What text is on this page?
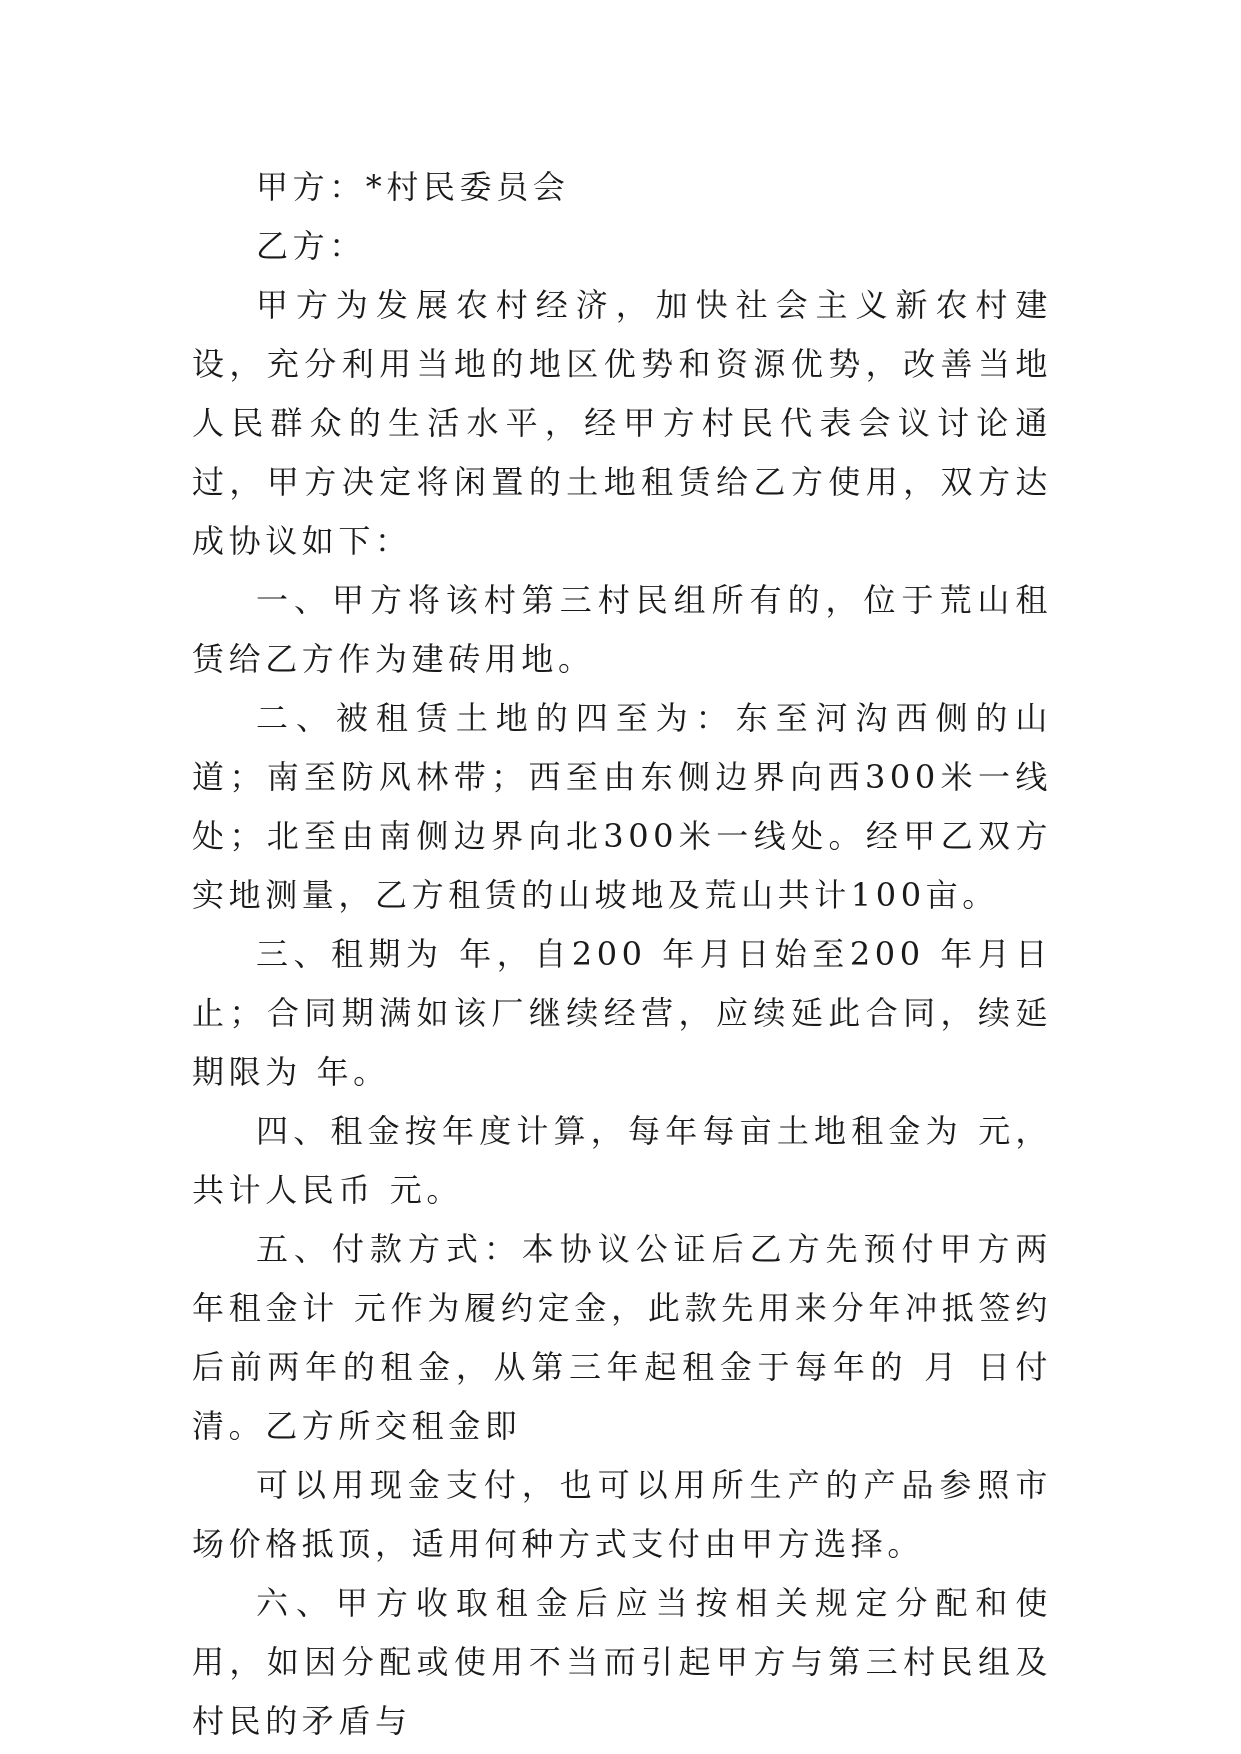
甲方：*村民委员会

乙方：

甲方为发展农村经济，加快社会主义新农村建设，充分利用当地的地区优势和资源优势，改善当地人民群众的生活水平，经甲方村民代表会议讨论通过，甲方决定将闲置的土地租赁给乙方使用，双方达成协议如下：

一、甲方将该村第三村民组所有的，位于荒山租赁给乙方作为建砖用地。

二、被租赁土地的四至为：东至河沟西侧的山道；南至防风林带；西至由东侧边界向西300米一线处；北至由南侧边界向北300米一线处。经甲乙双方实地测量，乙方租赁的山坡地及荒山共计100亩。

三、租期为 年，自200 年月日始至200 年月日止；合同期满如该厂继续经营，应续延此合同，续延期限为 年。

四、租金按年度计算，每年每亩土地租金为 元，共计人民币 元。

五、付款方式：本协议公证后乙方先预付甲方两年租金计 元作为履约定金，此款先用来分年冲抵签约后前两年的租金，从第三年起租金于每年的 月 日付清。乙方所交租金即

可以用现金支付，也可以用所生产的产品参照市场价格抵顶，适用何种方式支付由甲方选择。

六、甲方收取租金后应当按相关规定分配和使用，如因分配或使用不当而引起甲方与第三村民组及村民的矛盾与
